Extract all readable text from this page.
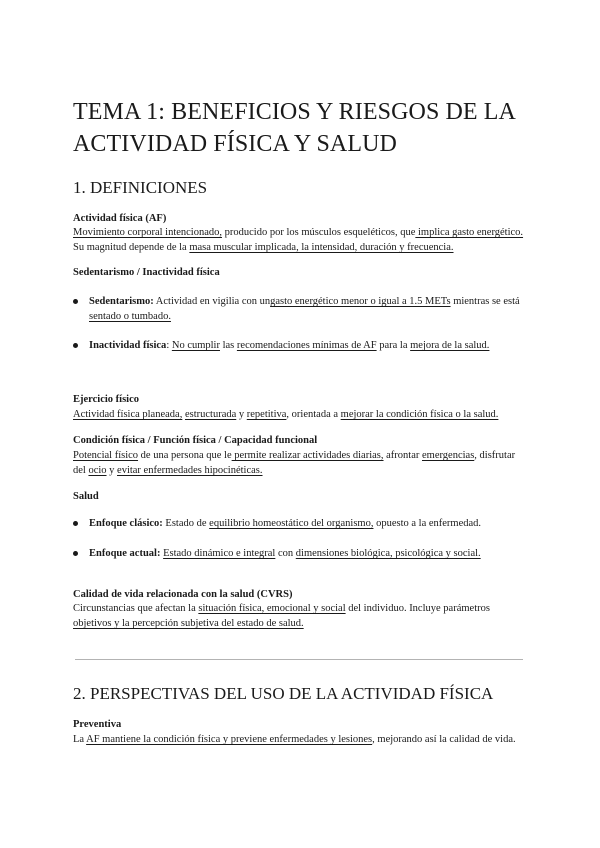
TEMA 1: BENEFICIOS Y RIESGOS DE LA ACTIVIDAD FÍSICA Y SALUD
1. DEFINICIONES
Actividad física (AF)
Movimiento corporal intencionado, producido por los músculos esqueléticos, que implica gasto energético. Su magnitud depende de la masa muscular implicada, la intensidad, duración y frecuencia.
Sedentarismo / Inactividad física
Sedentarismo: Actividad en vigilia con ungasto energético menor o igual a 1.5 METs mientras se está sentado o tumbado.
Inactividad física: No cumplir las recomendaciones mínimas de AF para la mejora de la salud.
Ejercicio físico
Actividad física planeada, estructurada y repetitiva, orientada a mejorar la condición física o la salud.
Condición física / Función física / Capacidad funcional
Potencial físico de una persona que le permite realizar actividades diarias, afrontar emergencias, disfrutar del ocio y evitar enfermedades hipocinéticas.
Salud
Enfoque clásico: Estado de equilibrio homeostático del organismo, opuesto a la enfermedad.
Enfoque actual: Estado dinámico e integral con dimensiones biológica, psicológica y social.
Calidad de vida relacionada con la salud (CVRS)
Circunstancias que afectan la situación física, emocional y social del individuo. Incluye parámetros objetivos y la percepción subjetiva del estado de salud.
2. PERSPECTIVAS DEL USO DE LA ACTIVIDAD FÍSICA
Preventiva
La AF mantiene la condición física y previene enfermedades y lesiones, mejorando así la calidad de vida.
